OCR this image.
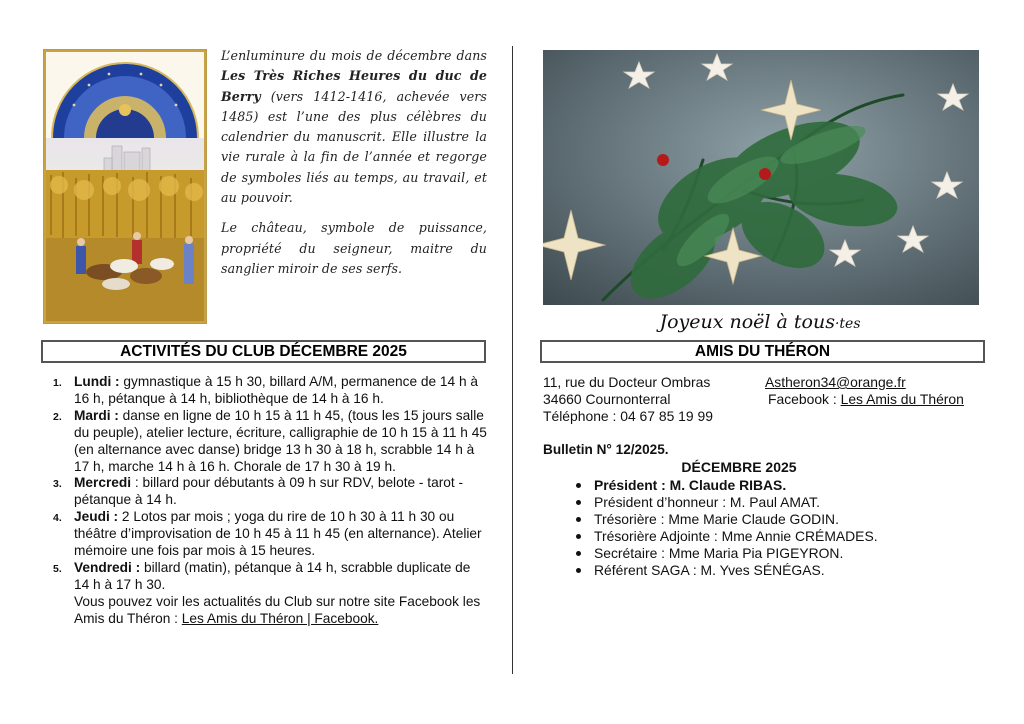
L’enluminure du mois de décembre dans Les Très Riches Heures du duc de Berry (vers 1412-1416, achevée vers 1485) est l’une des plus célèbres du calendrier du manuscrit. Elle illustre la vie rurale à la fin de l’année et regorge de symboles liés au temps, au travail, et au pouvoir.

Le château, symbole de puissance, propriété du seigneur, maitre du sanglier miroir de ses serfs.

ACTIVITÉS DU CLUB DÉCEMBRE 2025
1. Lundi : gymnastique à 15 h 30, billard A/M, permanence de 14 h à 16 h, pétanque à 14 h, bibliothèque de 14 h à 16 h.
2. Mardi : danse en ligne de 10 h 15 à 11 h 45, (tous les 15 jours salle du peuple), atelier lecture, écriture, calligraphie de 10 h 15 à 11 h 45 (en alternance avec danse) bridge 13 h 30 à 18 h, scrabble 14 h à 17 h, marche 14 h à 16 h. Chorale de 17 h 30 à 19 h.
3. Mercredi : billard pour débutants à 09 h sur RDV, belote - tarot - pétanque à 14 h.
4. Jeudi : 2 Lotos par mois ; yoga du rire de 10 h 30 à 11 h 30 ou théâtre d’improvisation de 10 h 45 à 11 h 45 (en alternance). Atelier mémoire une fois par mois à 15 heures.
5. Vendredi : billard (matin), pétanque à 14 h, scrabble duplicate de 14 h à 17 h 30.
Vous pouvez voir les actualités du Club sur notre site Facebook les Amis du Théron : Les Amis du Théron | Facebook.
Joyeux noël à tous·tes
AMIS DU THÉRON
11, rue du Docteur Ombras	Astheron34@orange.fr
34660 Cournonterral	Facebook : Les Amis du Théron
Téléphone : 04 67 85 19 99
Bulletin N° 12/2025.
DÉCEMBRE 2025
Président : M. Claude RIBAS.
Président d’honneur : M. Paul AMAT.
Trésorière : Mme Marie Claude GODIN.
Trésorière Adjointe : Mme Annie CRÉMADES.
Secrétaire : Mme Maria Pia PIGEYRON.
Référent SAGA : M. Yves SÉNÉGAS.
